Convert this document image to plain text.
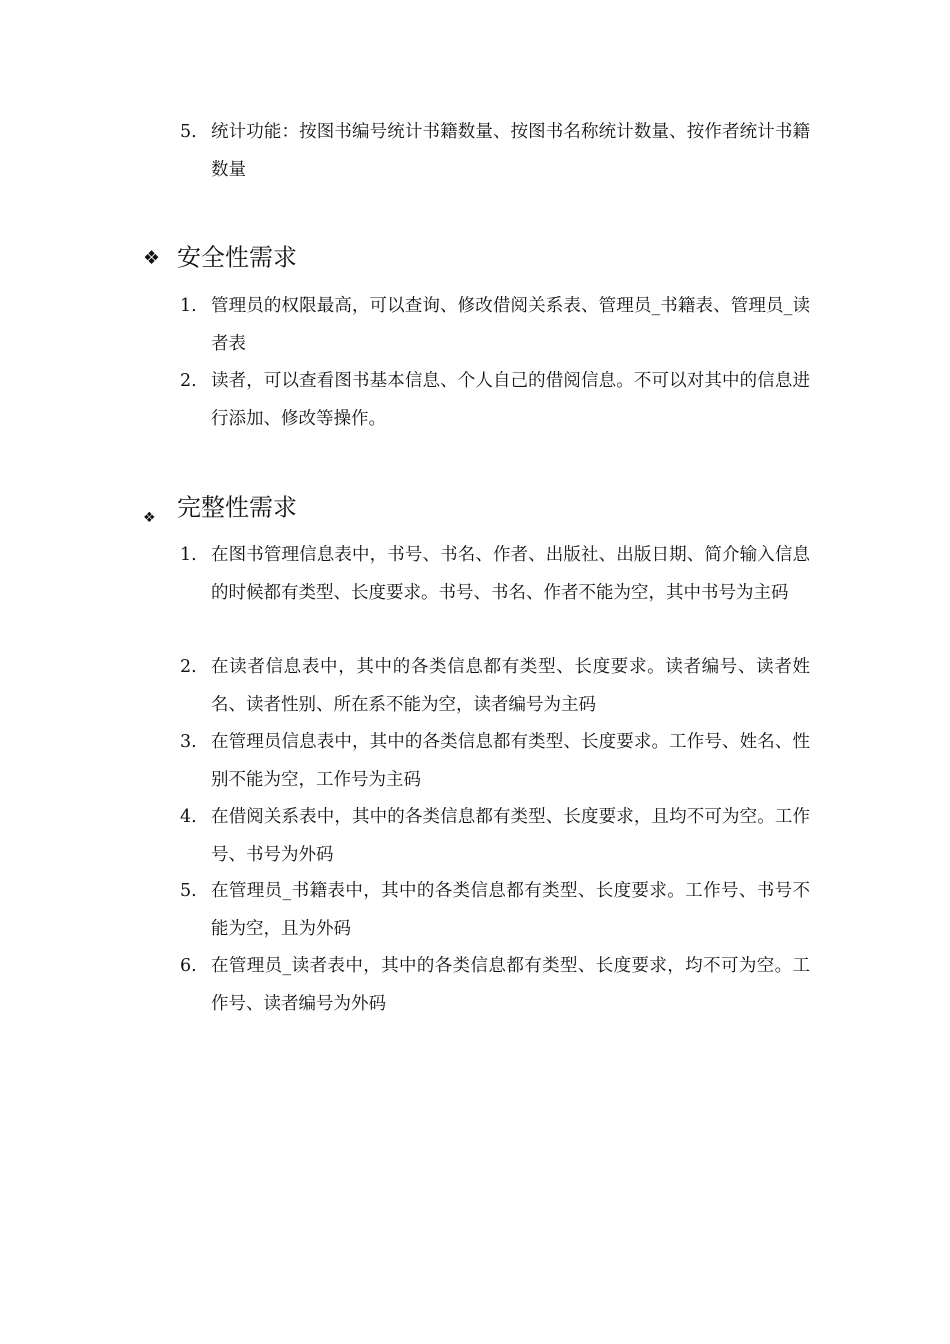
5. 统计功能：按图书编号统计书籍数量、按图书名称统计数量、按作者统计书籍数量
❖ 安全性需求
1. 管理员的权限最高，可以查询、修改借阅关系表、管理员_书籍表、管理员_读者表
2. 读者，可以查看图书基本信息、个人自己的借阅信息。不可以对其中的信息进行添加、修改等操作。
❖ 完整性需求
1. 在图书管理信息表中，书号、书名、作者、出版社、出版日期、简介输入信息的时候都有类型、长度要求。书号、书名、作者不能为空，其中书号为主码
2. 在读者信息表中，其中的各类信息都有类型、长度要求。读者编号、读者姓名、读者性别、所在系不能为空，读者编号为主码
3. 在管理员信息表中，其中的各类信息都有类型、长度要求。工作号、姓名、性别不能为空，工作号为主码
4. 在借阅关系表中，其中的各类信息都有类型、长度要求，且均不可为空。工作号、书号为外码
5. 在管理员_书籍表中，其中的各类信息都有类型、长度要求。工作号、书号不能为空，且为外码
6. 在管理员_读者表中，其中的各类信息都有类型、长度要求，均不可为空。工作号、读者编号为外码
